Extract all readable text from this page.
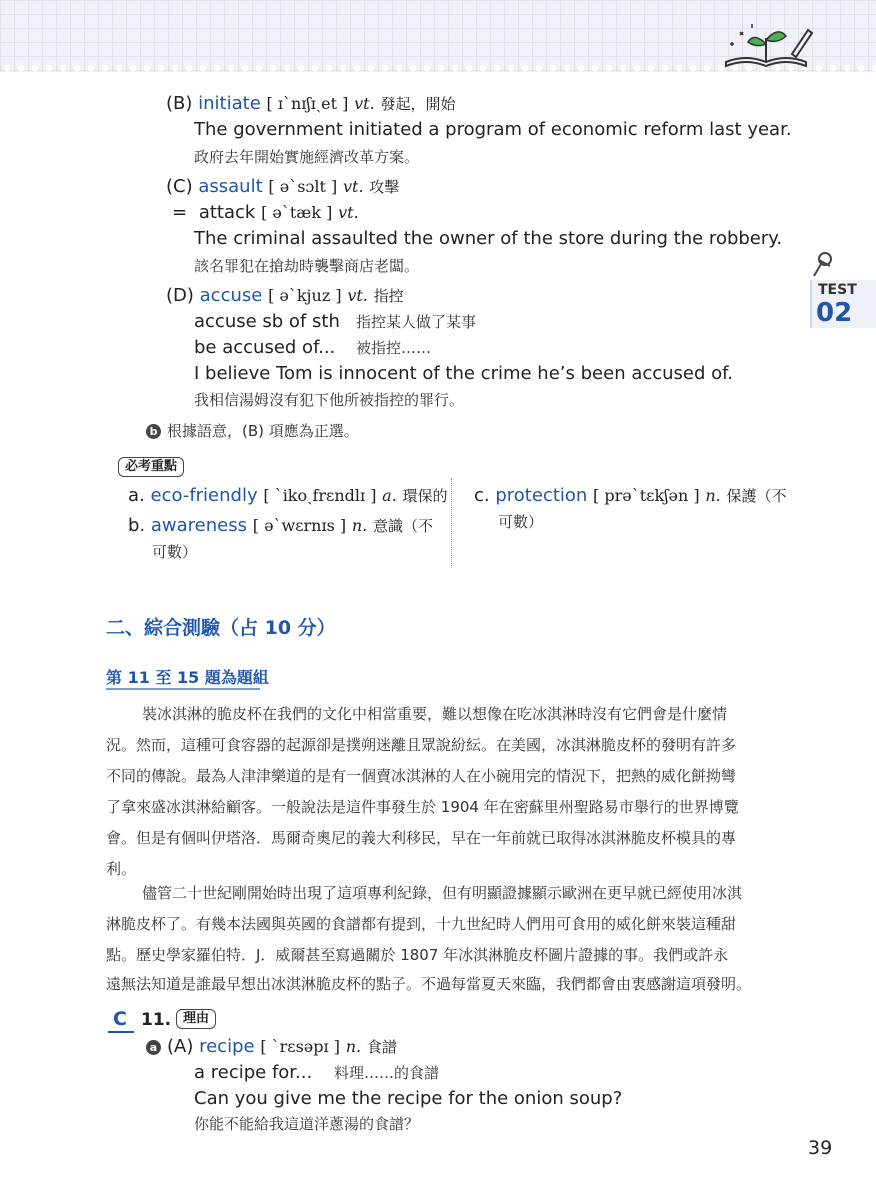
TEST
02
(B) initiate [ ɪˋnɪʃɪˏet ] vt. 發起，開始
The government initiated a program of economic reform last year.
政府去年開始實施經濟改革方案。
(C) assault [ əˋsɔlt ] vt. 攻擊
= attack [ əˋtæk ] vt.
The criminal assaulted the owner of the store during the robbery.
該名罪犯在搶劫時襲擊商店老闆。
(D) accuse [ əˋkjuz ] vt. 指控
accuse sb of sth 指控某人做了某事
be accused of... 被指控……
I believe Tom is innocent of the crime he’s been accused of.
我相信湯姆沒有犯下他所被指控的罪行。
b 根據語意，(B) 項應為正選。
必考重點
a. eco-friendly [ ˋikoˏfrɛndlɪ ] a. 環保的
b. awareness [ əˋwɛrnɪs ] n. 意識（不
可數）
c. protection [ prəˋtɛkʃən ] n. 保護（不
可數）
二、綜合測驗（占 10 分）
第 11 至 15 題為題組
裝冰淇淋的脆皮杯在我們的文化中相當重要，難以想像在吃冰淇淋時沒有它們會是什麼情
況。然而，這種可食容器的起源卻是撲朔迷離且眾說紛紜。在美國，冰淇淋脆皮杯的發明有許多
不同的傳說。最為人津津樂道的是有一個賣冰淇淋的人在小碗用完的情況下，把熱的威化餅拗彎
了拿來盛冰淇淋給顧客。一般說法是這件事發生於 1904 年在密蘇里州聖路易市舉行的世界博覽
會。但是有個叫伊塔洛．馬爾奇奧尼的義大利移民，早在一年前就已取得冰淇淋脆皮杯模具的專
利。
儘管二十世紀剛開始時出現了這項專利紀錄，但有明顯證據顯示歐洲在更早就已經使用冰淇
淋脆皮杯了。有幾本法國與英國的食譜都有提到，十九世紀時人們用可食用的威化餅來裝這種甜
點。歷史學家羅伯特．J．威爾甚至寫過關於 1807 年冰淇淋脆皮杯圖片證據的事。我們或許永
遠無法知道是誰最早想出冰淇淋脆皮杯的點子。不過每當夏天來臨，我們都會由衷感謝這項發明。
C 11. 理由
a (A) recipe [ ˋrɛsəpɪ ] n. 食譜
a recipe for... 料理……的食譜
Can you give me the recipe for the onion soup?
你能不能給我這道洋蔥湯的食譜？
39
